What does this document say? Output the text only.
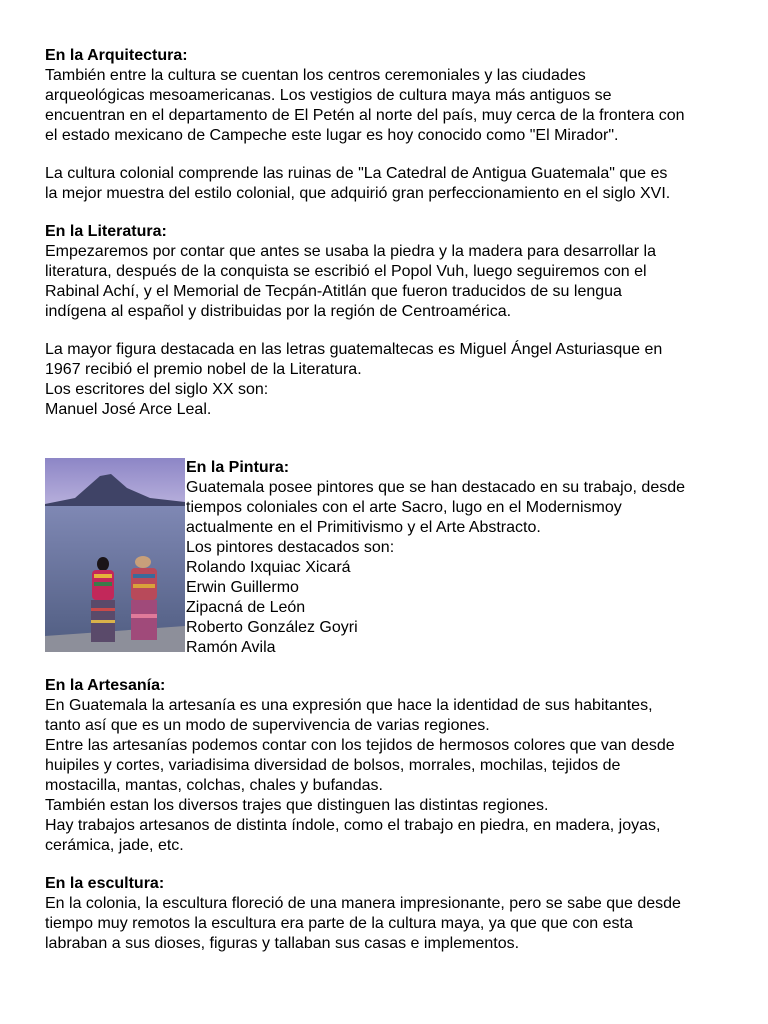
En la Arquitectura:

También entre la cultura se cuentan los centros ceremoniales y las ciudades
arqueológicas mesoamericanas. Los vestigios de cultura maya más antiguos se
encuentran en el departamento de El Petén al norte del país, muy cerca de la frontera con
el estado mexicano de Campeche este lugar es hoy conocido como "El Mirador".

La cultura colonial comprende las ruinas de "La Catedral de Antigua Guatemala" que es
la mejor muestra del estilo colonial, que adquirió gran perfeccionamiento en el siglo XVI.

En la Literatura:

Empezaremos por contar que antes se usaba la piedra y la madera para desarrollar la
literatura, después de la conquista se escribió el Popol Vuh, luego seguiremos con el
Rabinal Achí, y el Memorial de Tecpán-Atitlán que fueron traducidos de su lengua
indígena al español y distribuidas por la región de Centroamérica.

La mayor figura destacada en las letras guatemaltecas es Miguel Ángel Asturiasque en
1967 recibió el premio nobel de la Literatura.
Los escritores del siglo XX son:
Manuel José Arce Leal.

En la Pintura:
Guatemala posee pintores que se han destacado en su trabajo, desde
tiempos coloniales con el arte Sacro, lugo en el Modernismoy
actualmente en el Primitivismo y el Arte Abstracto.
Los pintores destacados son:
Rolando Ixquiac Xicará
Erwin Guillermo
Zipacná de León
Roberto González Goyri
Ramón Avila
En la Artesanía:
En Guatemala la artesanía es una expresión que hace la identidad de sus habitantes,
tanto así que es un modo de supervivencia de varias regiones.
Entre las artesanías podemos contar con los tejidos de hermosos colores que van desde
huipiles y cortes, variadisima diversidad de bolsos, morrales, mochilas, tejidos de
mostacilla, mantas, colchas, chales y bufandas.
También estan los diversos trajes que distinguen las distintas regiones.
Hay trabajos artesanos de distinta índole, como el trabajo en piedra, en madera, joyas,
cerámica, jade, etc.
En la escultura:
En la colonia, la escultura floreció de una manera impresionante, pero se sabe que desde
tiempo muy remotos la escultura era parte de la cultura maya, ya que que con esta
labraban a sus dioses, figuras y tallaban sus casas e implementos.
